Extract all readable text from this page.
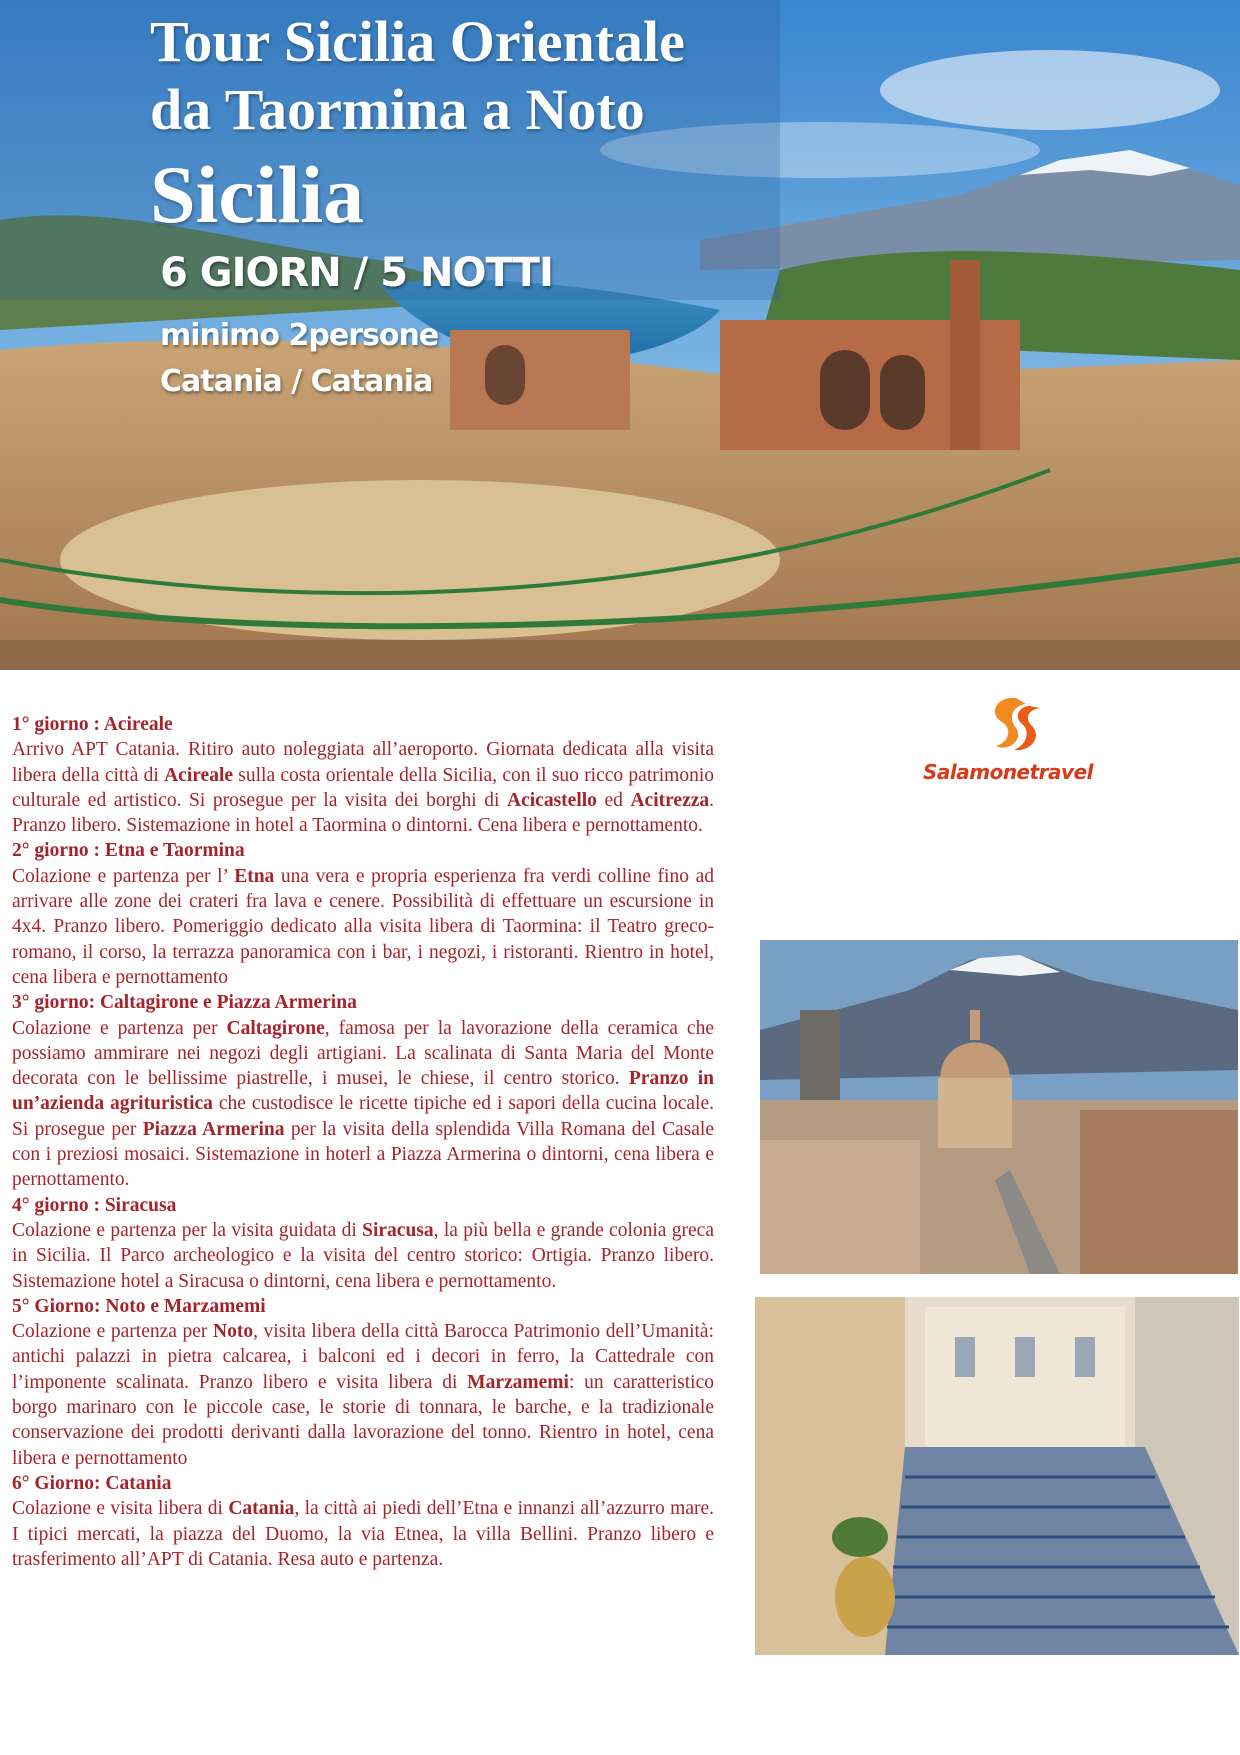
Tour Sicilia Orientale
da Taormina a Noto
Sicilia
6 GIORN / 5 NOTTI
minimo 2persone
Catania / Catania
1° giorno : Acireale

Arrivo APT Catania. Ritiro auto noleggiata all’aeroporto. Giornata dedicata alla visita libera della città di Acireale sulla costa orientale della Sicilia, con il suo ricco patrimonio culturale ed artistico. Si prosegue per la visita dei borghi di Acicastello ed Acitrezza. Pranzo libero. Sistemazione in hotel a Taormina o dintorni. Cena libera e pernottamento.

2° giorno : Etna e Taormina

Colazione e partenza per l’ Etna una vera e propria esperienza fra verdi colline fino ad arrivare alle zone dei crateri fra lava e cenere. Possibilità di effettuare un escursione in 4x4. Pranzo libero. Pomeriggio dedicato alla visita libera di Taormina: il Teatro greco-romano, il corso, la terrazza panoramica con i bar, i negozi, i ristoranti. Rientro in hotel, cena libera e pernottamento

3° giorno: Caltagirone e Piazza Armerina

Colazione e partenza per Caltagirone, famosa per la lavorazione della ceramica che possiamo ammirare nei negozi degli artigiani. La scalinata di Santa Maria del Monte decorata con le bellissime piastrelle, i musei, le chiese, il centro storico. Pranzo in un’azienda agrituristica che custodisce le ricette tipiche ed i sapori della cucina locale. Si prosegue per Piazza Armerina per la visita della splendida Villa Romana del Casale con i preziosi mosaici. Sistemazione in hoterl a Piazza Armerina o dintorni, cena libera e pernottamento.

4° giorno : Siracusa

Colazione e partenza per la visita guidata di Siracusa, la più bella e grande colonia greca in Sicilia. Il Parco archeologico e la visita del centro storico: Ortigia. Pranzo libero. Sistemazione hotel a Siracusa o dintorni, cena libera e pernottamento.

5° Giorno: Noto e Marzamemi

Colazione e partenza per Noto, visita libera della città Barocca Patrimonio dell’Umanità: antichi palazzi in pietra calcarea, i balconi ed i decori in ferro, la Cattedrale con l’imponente scalinata. Pranzo libero e visita libera di Marzamemi: un caratteristico borgo marinaro con le piccole case, le storie di tonnara, le barche, e la tradizionale conservazione dei prodotti derivanti dalla lavorazione del tonno. Rientro in hotel, cena libera e pernottamento

6° Giorno: Catania

Colazione e visita libera di Catania, la città ai piedi dell’Etna e innanzi all’azzurro mare. I tipici mercati, la piazza del Duomo, la via Etnea, la villa Bellini. Pranzo libero e trasferimento all’APT di Catania. Resa auto e partenza.

Salamonetravel
